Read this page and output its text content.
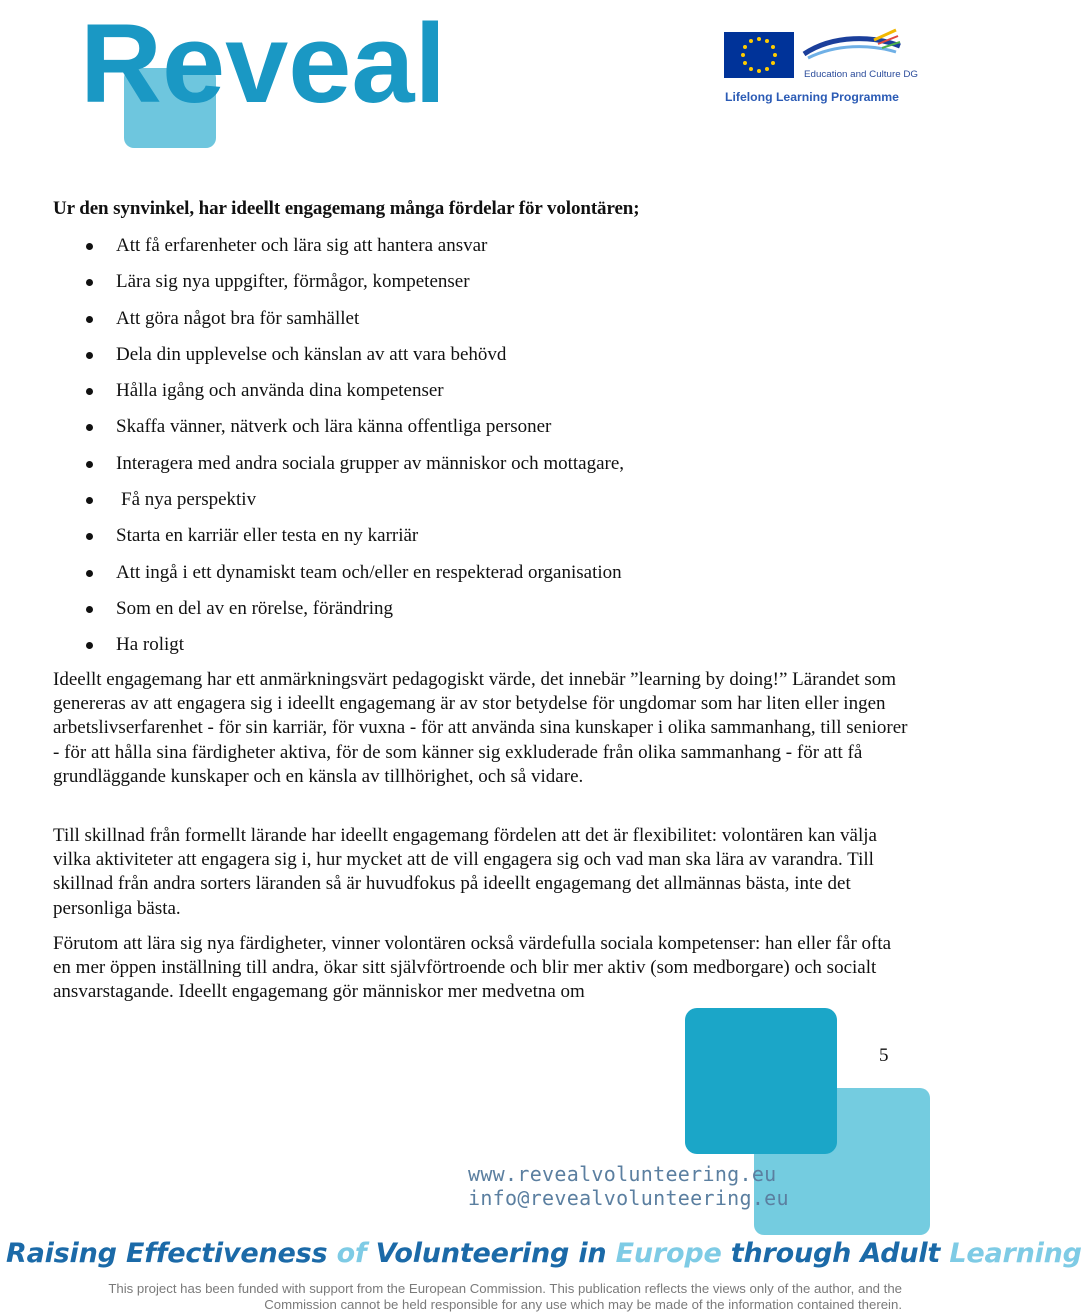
Reveal	Education and Culture DG
Lifelong Learning Programme
Ur den synvinkel, har ideellt engagemang många fördelar för volontären;
Att få erfarenheter och lära sig att hantera ansvar
Lära sig nya uppgifter, förmågor, kompetenser
Att göra något bra för samhället
Dela din upplevelse och känslan av att vara behövd
Hålla igång och använda dina kompetenser
Skaffa vänner, nätverk och lära känna offentliga personer
Interagera med andra sociala grupper av människor och mottagare,
Få nya perspektiv
Starta en karriär eller testa en ny karriär
Att ingå i ett dynamiskt team och/eller en respekterad organisation
Som en del av en rörelse, förändring
Ha roligt

Ideellt engagemang har ett anmärkningsvärt pedagogiskt värde, det innebär ”learning by doing!” Lärandet som genereras av att engagera sig i ideellt engagemang är av stor betydelse för ungdomar som har liten eller ingen arbetslivserfarenhet - för sin karriär, för vuxna - för att använda sina kunskaper i olika sammanhang, till seniorer - för att hålla sina färdigheter aktiva, för de som känner sig exkluderade från olika sammanhang - för att få grundläggande kunskaper och en känsla av tillhörighet, och så vidare.

Till skillnad från formellt lärande har ideellt engagemang fördelen att det är flexibilitet: volontären kan välja vilka aktiviteter att engagera sig i, hur mycket att de vill engagera sig och vad man ska lära av varandra. Till skillnad från andra sorters läranden så är huvudfokus på ideellt engagemang det allmännas bästa, inte det personliga bästa.

Förutom att lära sig nya färdigheter, vinner volontären också värdefulla sociala kompetenser: han eller får ofta en mer öppen inställning till andra, ökar sitt självförtroende och blir mer aktiv (som medborgare) och socialt ansvarstagande. Ideellt engagemang gör människor mer medvetna om

5
www.revealvolunteering.eu
info@revealvolunteering.eu
Raising Effectiveness of Volunteering in Europe through Adult Learning
This project has been funded with support from the European Commission. This publication reflects the views only of the author, and the
Commission cannot be held responsible for any use which may be made of the information contained therein.
